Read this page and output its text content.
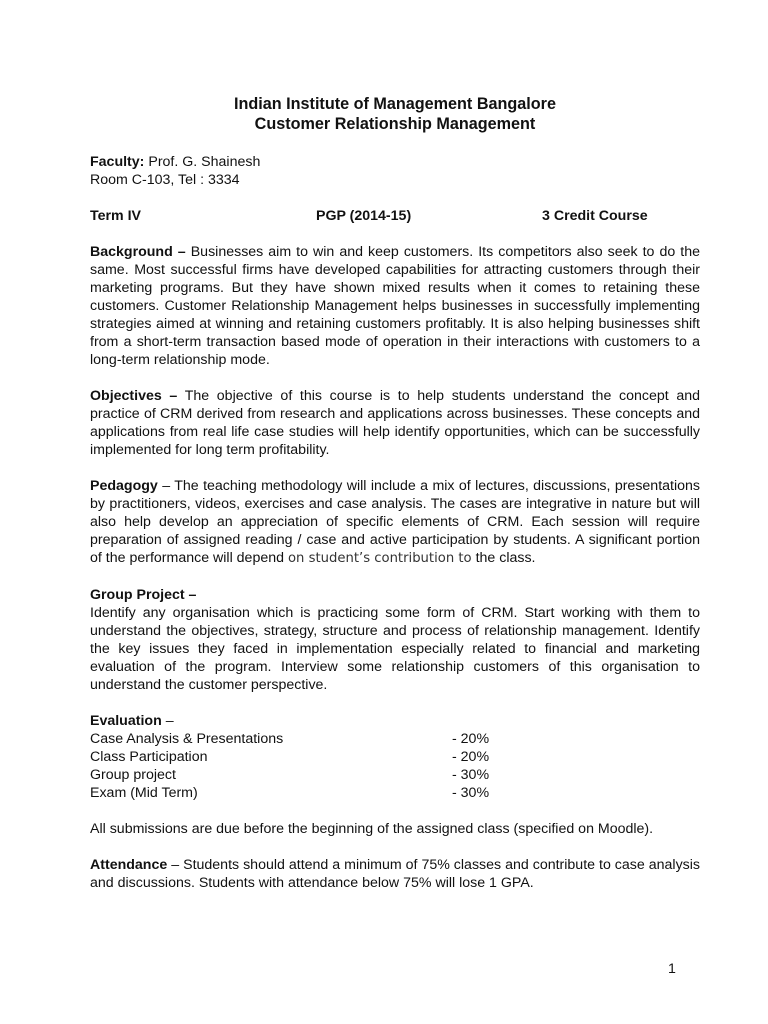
Indian Institute of Management Bangalore
Customer Relationship Management
Faculty: Prof. G. Shainesh
Room C-103, Tel : 3334
Term IV	PGP (2014-15)	3 Credit Course
Background – Businesses aim to win and keep customers. Its competitors also seek to do the same. Most successful firms have developed capabilities for attracting customers through their marketing programs. But they have shown mixed results when it comes to retaining these customers. Customer Relationship Management helps businesses in successfully implementing strategies aimed at winning and retaining customers profitably. It is also helping businesses shift from a short-term transaction based mode of operation in their interactions with customers to a long-term relationship mode.
Objectives – The objective of this course is to help students understand the concept and practice of CRM derived from research and applications across businesses. These concepts and applications from real life case studies will help identify opportunities, which can be successfully implemented for long term profitability.
Pedagogy – The teaching methodology will include a mix of lectures, discussions, presentations by practitioners, videos, exercises and case analysis. The cases are integrative in nature but will also help develop an appreciation of specific elements of CRM. Each session will require preparation of assigned reading / case and active participation by students. A significant portion of the performance will depend on student’s contribution to the class.
Group Project –
Identify any organisation which is practicing some form of CRM. Start working with them to understand the objectives, strategy, structure and process of relationship management. Identify the key issues they faced in implementation especially related to financial and marketing evaluation of the program. Interview some relationship customers of this organisation to understand the customer perspective.
Evaluation –
Case Analysis & Presentations	- 20%
Class Participation	- 20%
Group project	- 30%
Exam (Mid Term)	- 30%
All submissions are due before the beginning of the assigned class (specified on Moodle).
Attendance – Students should attend a minimum of 75% classes and contribute to case analysis and discussions. Students with attendance below 75% will lose 1 GPA.
1
